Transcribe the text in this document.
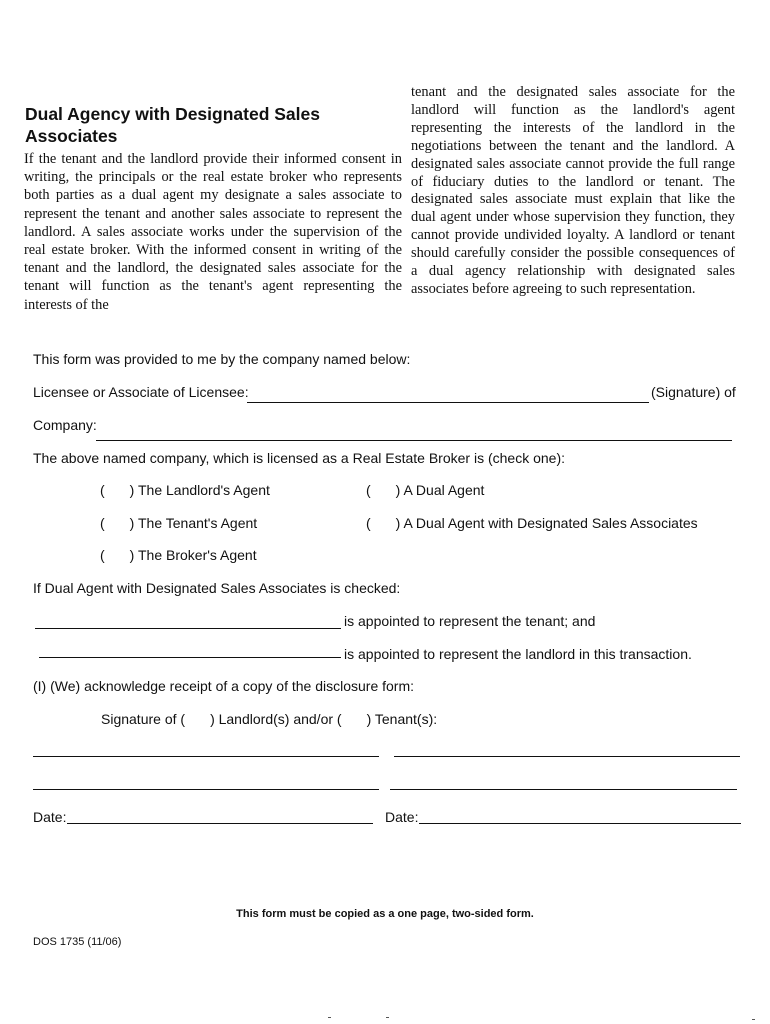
Dual Agency with Designated Sales Associates
If the tenant and the landlord provide their informed consent in writing, the principals or the real estate broker who represents both parties as a dual agent my designate a sales associate to represent the tenant and another sales associate to represent the landlord. A sales associate works under the supervision of the real estate broker. With the informed consent in writing of the tenant and the landlord, the designated sales associate for the tenant will function as the tenant's agent representing the interests of the
tenant and the designated sales associate for the landlord will function as the landlord's agent representing the interests of the landlord in the negotiations between the tenant and the landlord. A designated sales associate cannot provide the full range of fiduciary duties to the landlord or tenant. The designated sales associate must explain that like the dual agent under whose supervision they function, they cannot provide undivided loyalty. A landlord or tenant should carefully consider the possible consequences of a dual agency relationship with designated sales associates before agreeing to such representation.
This form was provided to me by the company named below:
Licensee or Associate of Licensee:	(Signature) of
Company:
The above named company, which is licensed as a Real Estate Broker is (check one):
( ) The Landlord's Agent	( ) A Dual Agent
( ) The Tenant's Agent	( ) A Dual Agent with Designated Sales Associates
( ) The Broker's Agent
If Dual Agent with Designated Sales Associates is checked:
is appointed to represent the tenant; and
is appointed to represent the landlord in this transaction.
(I) (We) acknowledge receipt of a copy of the disclosure form:
Signature of ( ) Landlord(s) and/or ( ) Tenant(s):
Date:	Date:
This form must be copied as a one page, two-sided form.
DOS 1735 (11/06)
